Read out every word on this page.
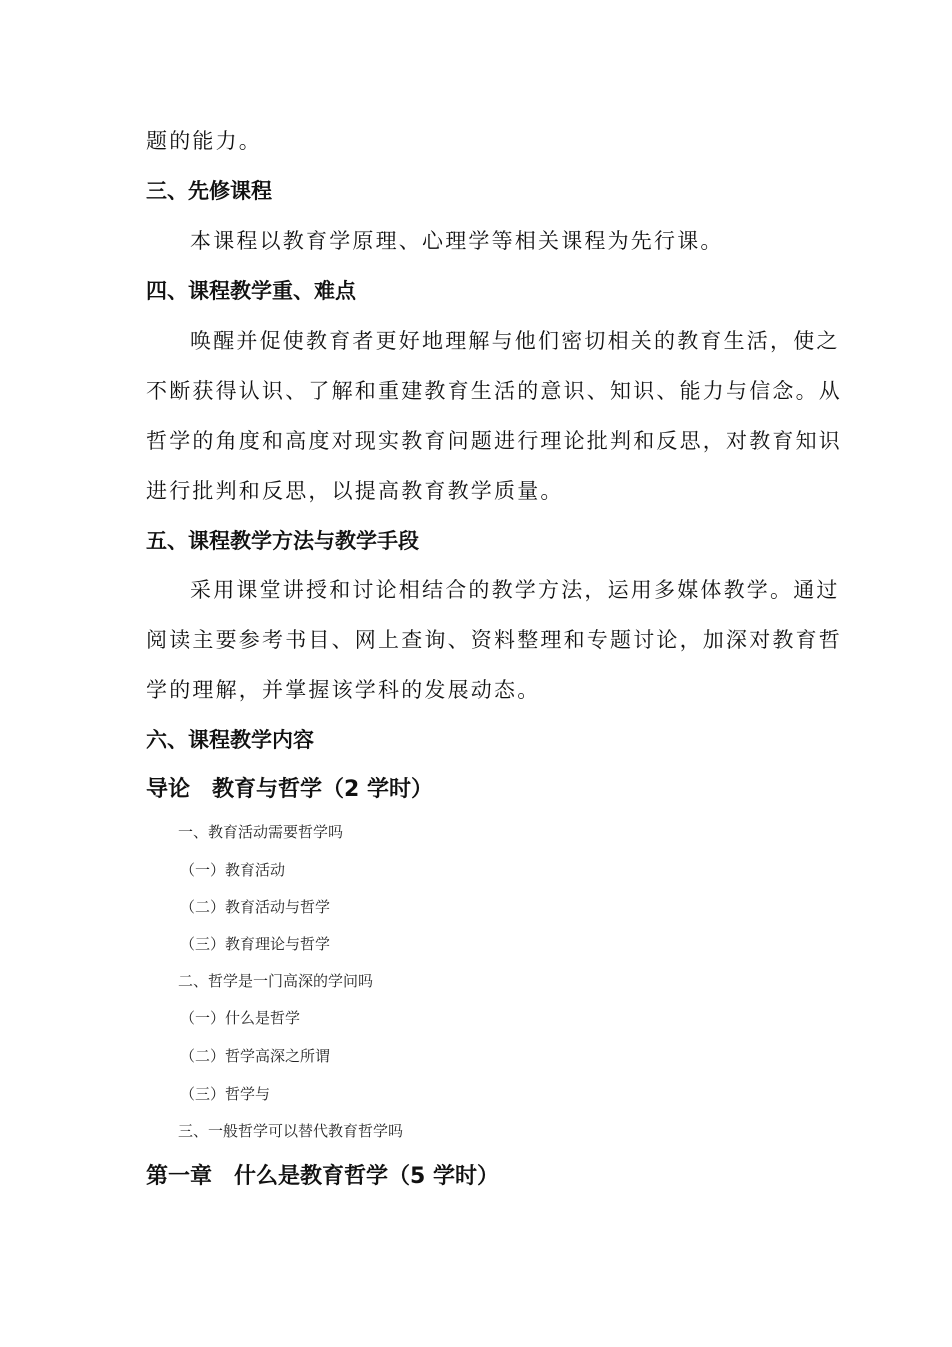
题的能力。
三、先修课程
本课程以教育学原理、心理学等相关课程为先行课。
四、课程教学重、难点
唤醒并促使教育者更好地理解与他们密切相关的教育生活，使之
不断获得认识、了解和重建教育生活的意识、知识、能力与信念。从
哲学的角度和高度对现实教育问题进行理论批判和反思，对教育知识
进行批判和反思，以提高教育教学质量。
五、课程教学方法与教学手段
采用课堂讲授和讨论相结合的教学方法，运用多媒体教学。通过
阅读主要参考书目、网上查询、资料整理和专题讨论，加深对教育哲
学的理解，并掌握该学科的发展动态。
六、课程教学内容
导论　教育与哲学（2 学时）
一、教育活动需要哲学吗
（一）教育活动
（二）教育活动与哲学
（三）教育理论与哲学
二、哲学是一门高深的学问吗
（一）什么是哲学
（二）哲学高深之所谓
（三）哲学与
三、一般哲学可以替代教育哲学吗
第一章　什么是教育哲学（5 学时）
